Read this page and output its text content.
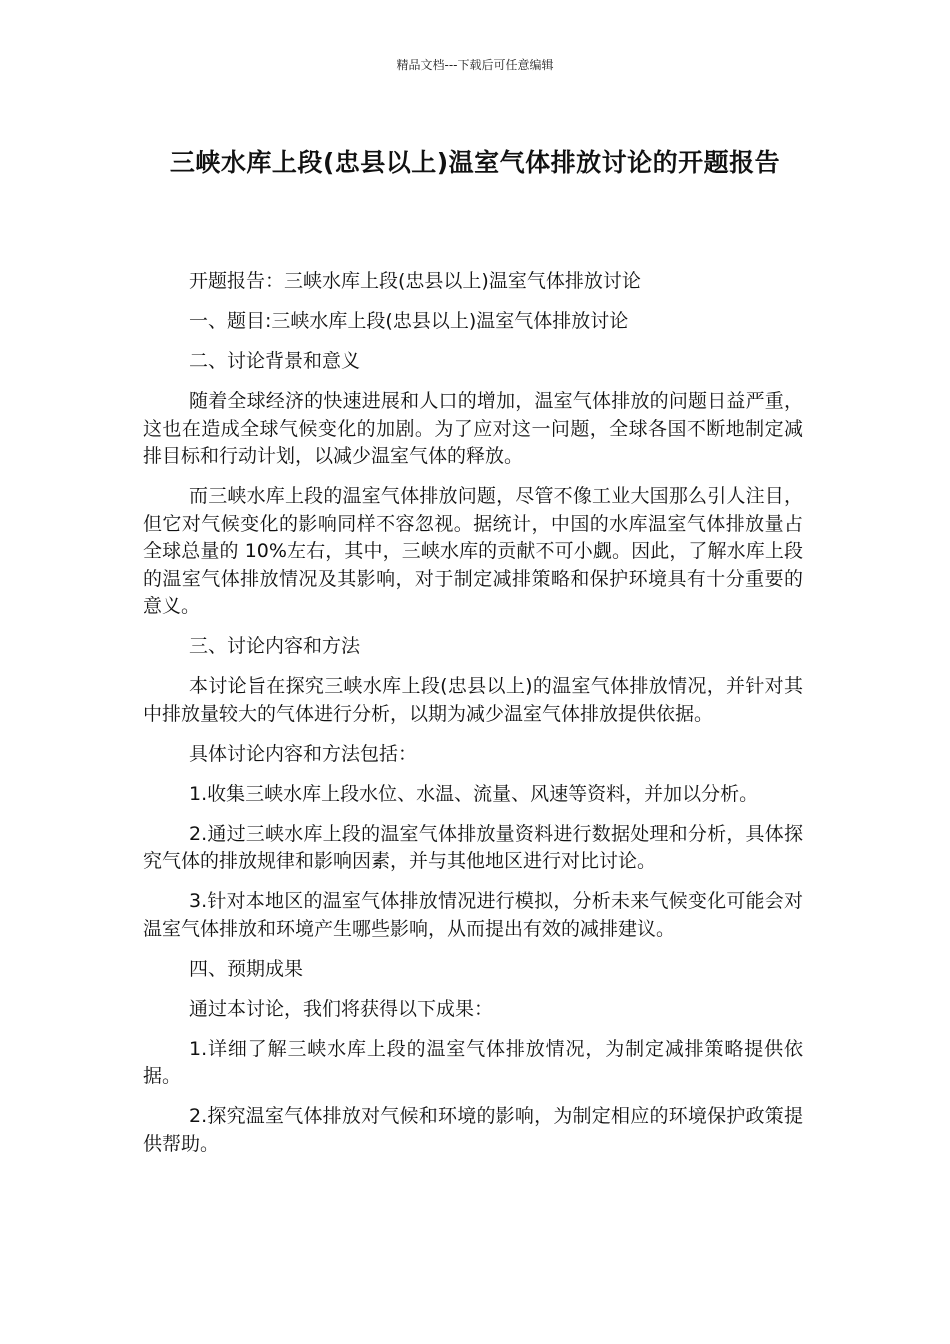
精品文档---下载后可任意编辑
三峡水库上段(忠县以上)温室气体排放讨论的开题报告

开题报告：三峡水库上段(忠县以上)温室气体排放讨论

一、题目:三峡水库上段(忠县以上)温室气体排放讨论

二、讨论背景和意义

随着全球经济的快速进展和人口的增加，温室气体排放的问题日益严重，这也在造成全球气候变化的加剧。为了应对这一问题，全球各国不断地制定减排目标和行动计划，以减少温室气体的释放。

而三峡水库上段的温室气体排放问题，尽管不像工业大国那么引人注目，但它对气候变化的影响同样不容忽视。据统计，中国的水库温室气体排放量占全球总量的 10%左右，其中，三峡水库的贡献不可小觑。因此，了解水库上段的温室气体排放情况及其影响，对于制定减排策略和保护环境具有十分重要的意义。

三、讨论内容和方法

本讨论旨在探究三峡水库上段(忠县以上)的温室气体排放情况，并针对其中排放量较大的气体进行分析，以期为减少温室气体排放提供依据。

具体讨论内容和方法包括：

1.收集三峡水库上段水位、水温、流量、风速等资料，并加以分析。

2.通过三峡水库上段的温室气体排放量资料进行数据处理和分析，具体探究气体的排放规律和影响因素，并与其他地区进行对比讨论。

3.针对本地区的温室气体排放情况进行模拟，分析未来气候变化可能会对温室气体排放和环境产生哪些影响，从而提出有效的减排建议。

四、预期成果

通过本讨论，我们将获得以下成果：

1.详细了解三峡水库上段的温室气体排放情况，为制定减排策略提供依据。

2.探究温室气体排放对气候和环境的影响，为制定相应的环境保护政策提供帮助。
